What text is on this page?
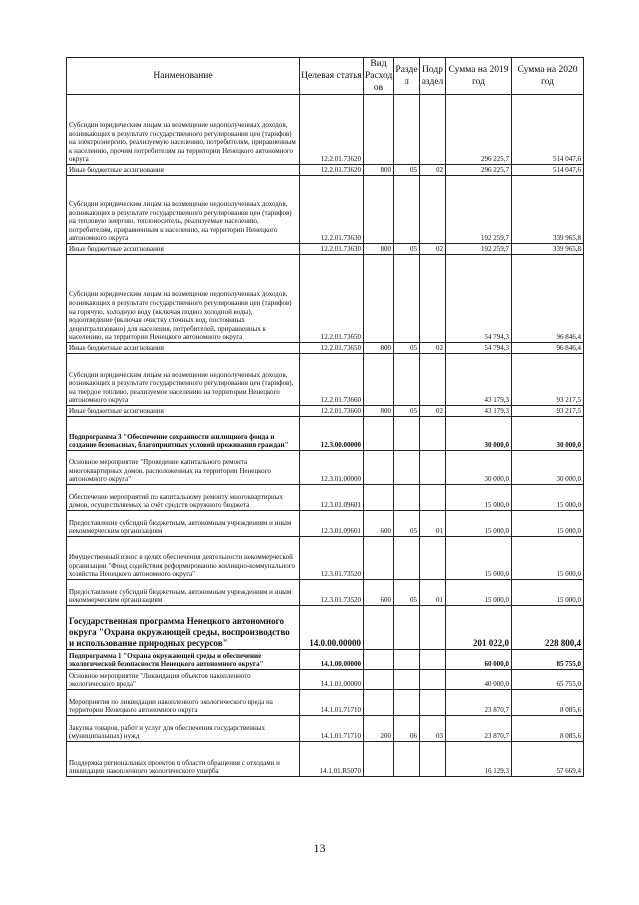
Наименование	Целевая статья	Вид Расход ов	Разде л	Подр аздел	Сумма на 2019 год	Сумма на 2020 год
Субсидии юридическим лицам на возмещение недополученных доходов, возникающих в результате государственного регулирования цен (тарифов) на электроэнергию, реализуемую населению, потребителям, приравненным к населению, прочим потребителям на территории Ненецкого автономного округа	12.2.01.73620				296 225,7	514 047,6
Иные бюджетные ассигнования	12.2.01.73620	800	05	02	296 225,7	514 047,6
Субсидии юридическим лицам на возмещение недополученных доходов, возникающих в результате государственного регулирования цен (тарифов) на тепловую энергию, теплоноситель, реализуемые населению, потребителям, приравненным к населению, на территории Ненецкого автономного округа	12.2.01.73630				192 259,7	339 965,8
Иные бюджетные ассигнования	12.2.01.73630	800	05	02	192 259,7	339 965,8
Субсидии юридическим лицам на возмещение недополученных доходов, возникающих в результате государственного регулирования цен (тарифов) на горячую, холодную воду (включая подвоз холодной воды), водоотведение (включая очистку сточных вод, постоянных децентрализовано) для населения, потребителей, приравненных к населению, на территории Ненецкого автономного округа	12.2.01.73650				54 794,3	96 846,4
Иные бюджетные ассигнования	12.2.01.73650	800	05	02	54 794,3	96 846,4
Субсидии юридическим лицам на возмещение недополученных доходов, возникающих в результате государственного регулирования цен (тарифов), на твердое топливо, реализуемое населению на территории Ненецкого автономного округа	12.2.01.73660				43 179,3	93 217,5
Иные бюджетные ассигнования	12.2.01.73660	800	05	02	43 179,3	93 217,5
Подпрограмма 3 "Обеспечение сохранности жилищного фонда и создание безопасных, благоприятных условий проживания граждан"	12.3.00.00000				30 000,0	30 000,0
Основное мероприятие "Проведение капитального ремонта многоквартирных домов, расположенных на территории Ненецкого автономного округа"	12.3.01.00000				30 000,0	30 000,0
Обеспечение мероприятий по капитальному ремонту многоквартирных домов, осуществляемых за счёт средств окружного бюджета	12.3.01.09601				15 000,0	15 000,0
Предоставление субсидий бюджетным, автономным учреждениям и иным некоммерческим организациям	12.3.01.09601	600	05	01	15 000,0	15 000,0
Имущественный взнос в целях обеспечения деятельности некоммерческой организации "Фонд содействия реформированию жилищно-коммунального хозяйства Ненецкого автономного округа"	12.3.01.73520				15 000,0	15 000,0
Предоставление субсидий бюджетным, автономным учреждениям и иным некоммерческим организациям	12.3.01.73520	600	05	01	15 000,0	15 000,0
Государственная программа Ненецкого автономного округа "Охрана окружающей среды, воспроизводство и использование природных ресурсов"	14.0.00.00000				201 022,0	228 800,4
Подпрограмма 1 "Охрана окружающей среды и обеспечение экологической безопасности Ненецкого автономного округа"	14.1.00.00000				60 000,0	85 755,0
Основное мероприятие "Ликвидация объектов накопленного экологического вреда"	14.1.01.00000				40 000,0	65 755,0
Мероприятия по ликвидации накопленного экологического вреда на территории Ненецкого автономного округа	14.1.01.71710				23 870,7	8 085,6
Закупка товаров, работ и услуг для обеспечения государственных (муниципальных) нужд	14.1.01.71710	200	06	03	23 870,7	8 085,6
Поддержка региональных проектов в области обращения с отходами и ликвидации накопленного экологического ущерба	14.1.01.R5070				16 129,3	57 669,4
13
